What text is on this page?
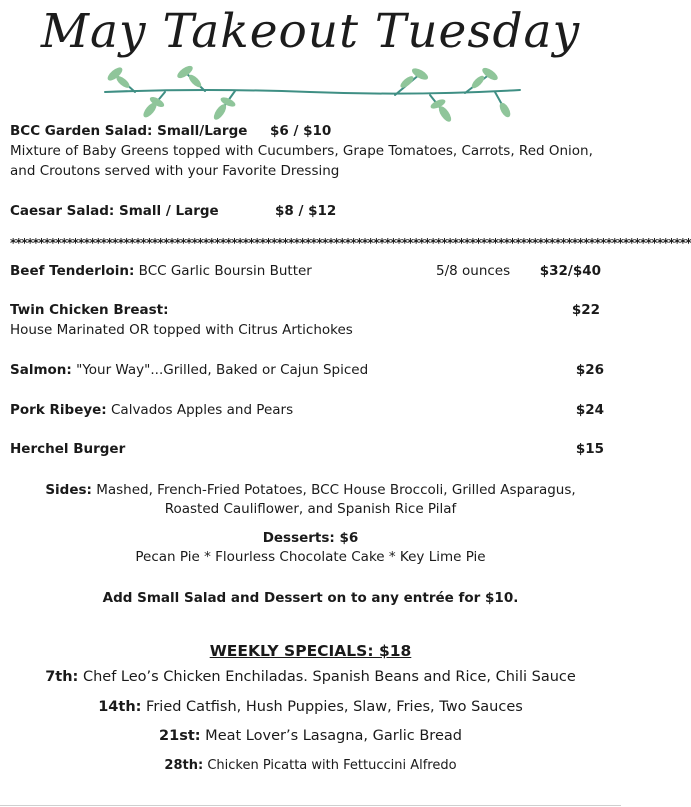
May Takeout Tuesday
BCC Garden Salad: Small/Large $6 / $10
Mixture of Baby Greens topped with Cucumbers, Grape Tomatoes, Carrots, Red Onion,
and Croutons served with your Favorite Dressing
Caesar Salad: Small / Large	$8 / $12
************************************************************************************************************************
Beef Tenderloin: BCC Garlic Boursin Butter	5/8 ounces $32/$40
Twin Chicken Breast:	$22
House Marinated OR topped with Citrus Artichokes
Salmon: "Your Way"...Grilled, Baked or Cajun Spiced	$26
Pork Ribeye: Calvados Apples and Pears	$24
Herchel Burger	$15
Sides: Mashed, French-Fried Potatoes, BCC House Broccoli, Grilled Asparagus,
Roasted Cauliflower, and Spanish Rice Pilaf
Desserts: $6
Pecan Pie * Flourless Chocolate Cake * Key Lime Pie
Add Small Salad and Dessert on to any entrée for $10.
WEEKLY SPECIALS: $18
7th: Chef Leo’s Chicken Enchiladas. Spanish Beans and Rice, Chili Sauce
14th: Fried Catfish, Hush Puppies, Slaw, Fries, Two Sauces
21st: Meat Lover’s Lasagna, Garlic Bread
28th: Chicken Picatta with Fettuccini Alfredo
